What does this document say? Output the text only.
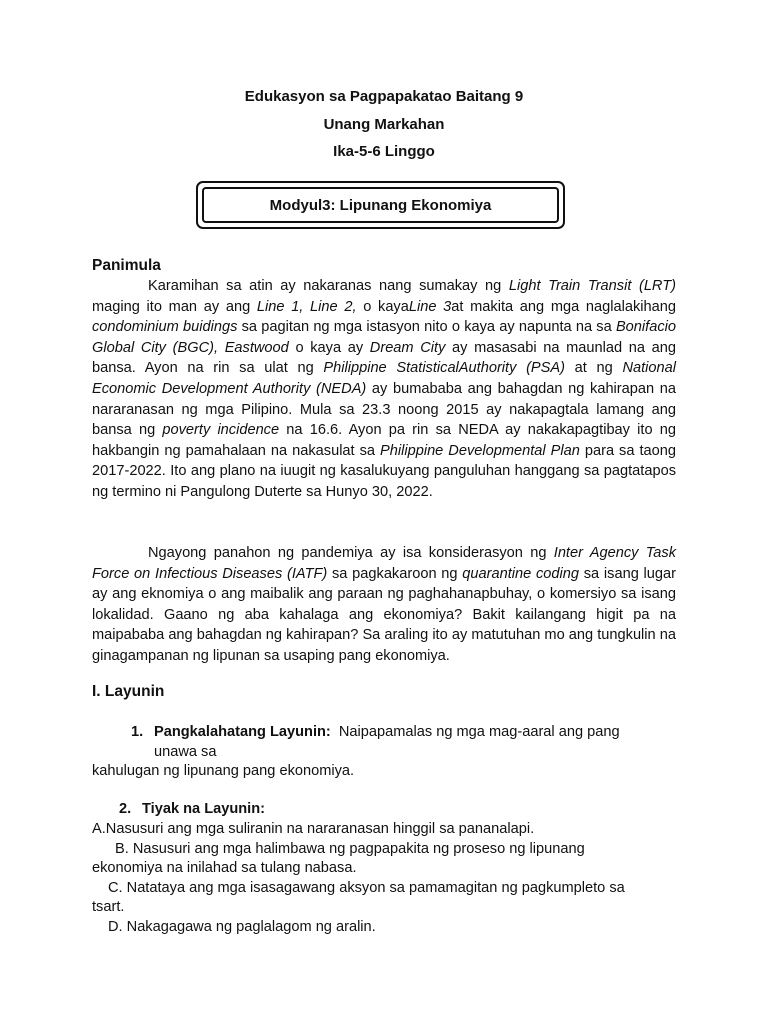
Edukasyon sa Pagpapakatao Baitang 9
Unang Markahan
Ika-5-6 Linggo
Modyul3: Lipunang Ekonomiya
Panimula
Karamihan sa atin ay nakaranas nang sumakay ng Light Train Transit (LRT) maging ito man ay ang Line 1, Line 2, o kayaLine 3at makita ang mga naglalakihang condominium buidings sa pagitan ng mga istasyon nito o kaya ay napunta na sa Bonifacio Global City (BGC), Eastwood o kaya ay Dream City ay masasabi na maunlad na ang bansa. Ayon na rin sa ulat ng Philippine StatisticalAuthority (PSA) at ng National Economic Development Authority (NEDA) ay bumababa ang bahagdan ng kahirapan na nararanasan ng mga Pilipino. Mula sa 23.3 noong 2015 ay nakapagtala lamang ang bansa ng poverty incidence na 16.6. Ayon pa rin sa NEDA ay nakakapagtibay ito ng hakbangin ng pamahalaan na nakasulat sa Philippine Developmental Plan para sa taong 2017-2022. Ito ang plano na iuugit ng kasalukuyang panguluhan hanggang sa pagtatapos ng termino ni Pangulong Duterte sa Hunyo 30, 2022.
Ngayong panahon ng pandemiya ay isa konsiderasyon ng Inter Agency Task Force on Infectious Diseases (IATF) sa pagkakaroon ng quarantine coding sa isang lugar ay ang eknomiya o ang maibalik ang paraan ng paghahanapbuhay, o komersiyo sa isang lokalidad. Gaano ng aba kahalaga ang ekonomiya? Bakit kailangang higit pa na maipababa ang bahagdan ng kahirapan? Sa araling ito ay matutuhan mo ang tungkulin na ginagampanan ng lipunan sa usaping pang ekonomiya.
I. Layunin
1. Pangkalahatang Layunin: Naipapamalas ng mga mag-aaral ang pang
unawa sa
kahulugan ng lipunang pang ekonomiya.
2. Tiyak na Layunin:
A.Nasusuri ang mga suliranin na nararanasan hinggil sa pananalapi.
B. Nasusuri ang mga halimbawa ng pagpapakita ng proseso ng lipunang
ekonomiya na inilahad sa tulang nabasa.
C. Natataya ang mga isasagawang aksyon sa pamamagitan ng pagkumpleto sa
tsart.
D. Nakagagawa ng paglalagom ng aralin.
